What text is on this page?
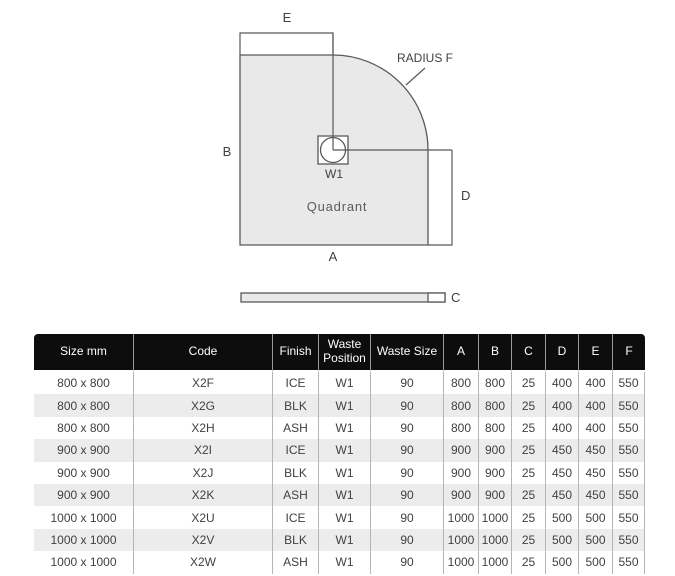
E
B
RADIUS F
W1
Quadrant
D
A
C
Size mm	Code	Finish	Waste Position	Waste Size	A	B	C	D	E	F
800 x 800	X2F	ICE	W1	90	800	800	25	400	400	550
800 x 800	X2G	BLK	W1	90	800	800	25	400	400	550
800 x 800	X2H	ASH	W1	90	800	800	25	400	400	550
900 x 900	X2I	ICE	W1	90	900	900	25	450	450	550
900 x 900	X2J	BLK	W1	90	900	900	25	450	450	550
900 x 900	X2K	ASH	W1	90	900	900	25	450	450	550
1000 x 1000	X2U	ICE	W1	90	1000	1000	25	500	500	550
1000 x 1000	X2V	BLK	W1	90	1000	1000	25	500	500	550
1000 x 1000	X2W	ASH	W1	90	1000	1000	25	500	500	550
